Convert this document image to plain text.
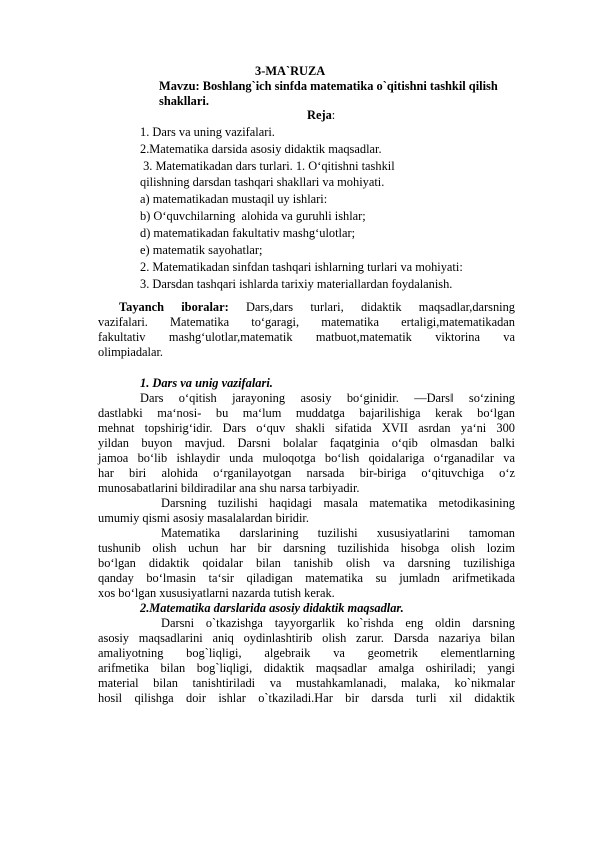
3-MA`RUZA
Mavzu: Boshlang`ich sinfda matematika o`qitishni tashkil qilish
shakllari.
Reja:
1. Dars va uning vazifalari.
2.Matematika darsida asosiy didaktik maqsadlar.
3. Matematikadan dars turlari. 1. O‘qitishni tashkil
qilishning darsdan tashqari shakllari va mohiyati.
a) matematikadan mustaqil uy ishlari:
b) O‘quvchilarning  alohida va guruhli ishlar;
d) matematikadan fakultativ mashg‘ulotlar;
e) matematik sayohatlar;
2. Matematikadan sinfdan tashqari ishlarning turlari va mohiyati:
3. Darsdan tashqari ishlarda tarixiy materiallardan foydalanish.
Tayanch iboralar: Dars,dars turlari, didaktik maqsadlar,darsning
vazifalari. Matematika to‘garagi, matematika ertaligi,matematikadan
fakultativ mashg‘ulotlar,matematik matbuot,matematik viktorina va
olimpiadalar.
1. Dars va unig vazifalari.
Dars o‘qitish jarayoning asosiy bo‘ginidir. ―Dars‖ so‘zining
dastlabki ma‘nosi- bu ma‘lum muddatga bajarilishiga kerak bo‘lgan
mehnat topshirig‘idir. Dars o‘quv shakli sifatida XVII asrdan ya‘ni 300
yildan buyon mavjud. Darsni bolalar faqatginia o‘qib olmasdan balki
jamoa bo‘lib ishlaydir unda muloqotga bo‘lish qoidalariga o‘rganadilar va
har biri alohida o‘rganilayotgan narsada bir-biriga o‘qituvchiga o‘z
munosabatlarini bildiradilar ana shu narsa tarbiyadir.
Darsning tuzilishi haqidagi masala matematika metodikasining
umumiy qismi asosiy masalalardan biridir.
Matematika darslarining tuzilishi xususiyatlarini tamoman
tushunib olish uchun har bir darsning tuzilishida hisobga olish lozim
bo‘lgan didaktik qoidalar bilan tanishib olish va darsning tuzilishiga
qanday bo‘lmasin ta‘sir qiladigan matematika su jumladn arifmetikada
xos bo‘lgan xususiyatlarni nazarda tutish kerak.
2.Matematika darslarida asosiy didaktik maqsadlar.
Darsni o`tkazishga tayyorgarlik ko`rishda eng oldin darsning
asosiy maqsadlarini aniq oydinlashtirib olish zarur. Darsda nazariya bilan
amaliyotning bog`liqligi, algebraik va geometrik elementlarning
arifmetika bilan bog`liqligi, didaktik maqsadlar amalga oshiriladi; yangi
material bilan tanishtiriladi va mustahkamlanadi, malaka, ko`nikmalar
hosil qilishga doir ishlar o`tkaziladi.Har bir darsda turli xil didaktik
